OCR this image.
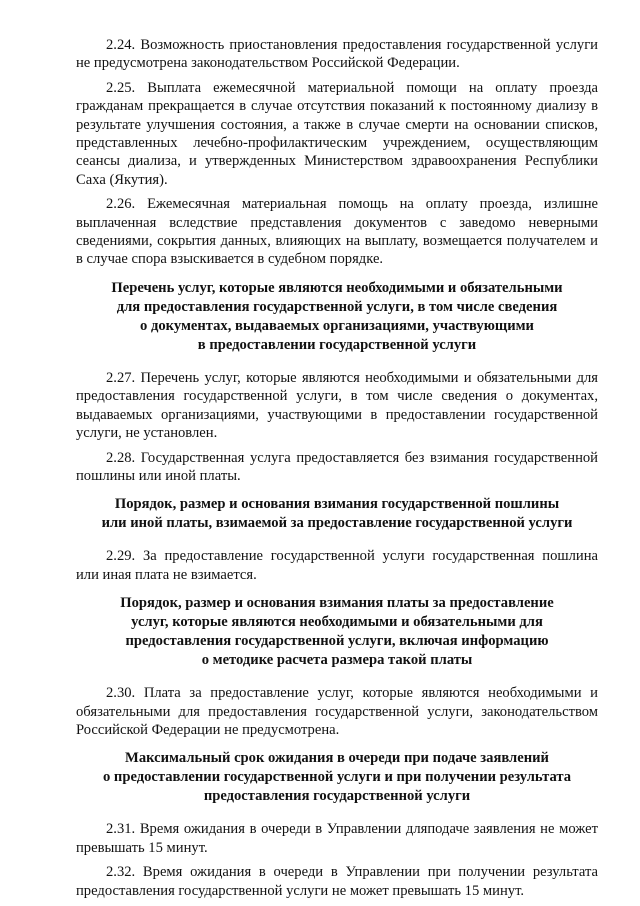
2.24. Возможность приостановления предоставления государственной услуги не предусмотрена законодательством Российской Федерации.

2.25. Выплата ежемесячной материальной помощи на оплату проезда гражданам прекращается в случае отсутствия показаний к постоянному диализу в результате улучшения состояния, а также в случае смерти на основании списков, представленных лечебно-профилактическим учреждением, осуществляющим сеансы диализа, и утвержденных Министерством здравоохранения Республики Саха (Якутия).

2.26. Ежемесячная материальная помощь на оплату проезда, излишне выплаченная вследствие представления документов с заведомо неверными сведениями, сокрытия данных, влияющих на выплату, возмещается получателем и в случае спора взыскивается в судебном порядке.

Перечень услуг, которые являются необходимыми и обязательными
для предоставления государственной услуги, в том числе сведения
о документах, выдаваемых организациями, участвующими
в предоставлении государственной услуги

2.27. Перечень услуг, которые являются необходимыми и обязательными для предоставления государственной услуги, в том числе сведения о документах, выдаваемых организациями, участвующими в предоставлении государственной услуги, не установлен.

2.28. Государственная услуга предоставляется без взимания государственной пошлины или иной платы.

Порядок, размер и основания взимания государственной пошлины
или иной платы, взимаемой за предоставление государственной услуги

2.29. За предоставление государственной услуги государственная пошлина или иная плата не взимается.

Порядок, размер и основания взимания платы за предоставление
услуг, которые являются необходимыми и обязательными для
предоставления государственной услуги, включая информацию
о методике расчета размера такой платы

2.30. Плата за предоставление услуг, которые являются необходимыми и обязательными для предоставления государственной услуги, законодательством Российской Федерации не предусмотрена.

Максимальный срок ожидания в очереди при подаче заявлений
о предоставлении государственной услуги и при получении результата
предоставления государственной услуги

2.31. Время ожидания в очереди в Управлении дляподаче заявления не может превышать 15 минут.

2.32. Время ожидания в очереди в Управлении при получении результата предоставления государственной услуги не может превышать 15 минут.
